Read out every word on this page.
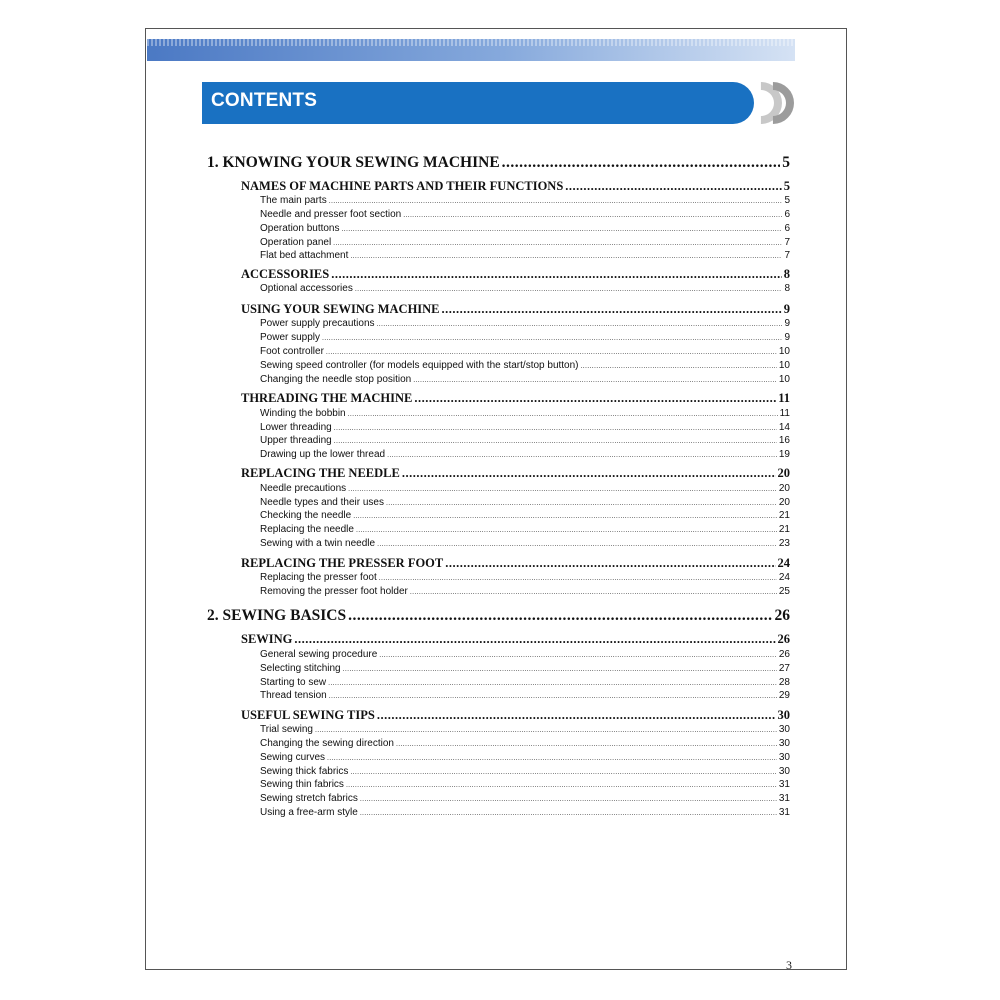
CONTENTS
1. KNOWING YOUR SEWING MACHINE .....	5
NAMES OF MACHINE PARTS AND THEIR FUNCTIONS .....	5
The main parts .....	5
Needle and presser foot section .....	6
Operation buttons .....	6
Operation panel .....	7
Flat bed attachment .....	7
ACCESSORIES .....	8
Optional accessories .....	8
USING YOUR SEWING MACHINE .....	9
Power supply precautions .....	9
Power supply .....	9
Foot controller .....	10
Sewing speed controller (for models equipped with the start/stop button) .....	10
Changing the needle stop position .....	10
THREADING THE MACHINE .....	11
Winding the bobbin .....	11
Lower threading .....	14
Upper threading .....	16
Drawing up the lower thread .....	19
REPLACING THE NEEDLE .....	20
Needle precautions .....	20
Needle types and their uses .....	20
Checking the needle .....	21
Replacing the needle .....	21
Sewing with a twin needle .....	23
REPLACING THE PRESSER FOOT .....	24
Replacing the presser foot .....	24
Removing the presser foot holder .....	25
2. SEWING BASICS .....	26
SEWING .....	26
General sewing procedure .....	26
Selecting stitching .....	27
Starting to sew .....	28
Thread tension .....	29
USEFUL SEWING TIPS .....	30
Trial sewing .....	30
Changing the sewing direction .....	30
Sewing curves .....	30
Sewing thick fabrics .....	30
Sewing thin fabrics .....	31
Sewing stretch fabrics .....	31
Using a free-arm style .....	31
3
